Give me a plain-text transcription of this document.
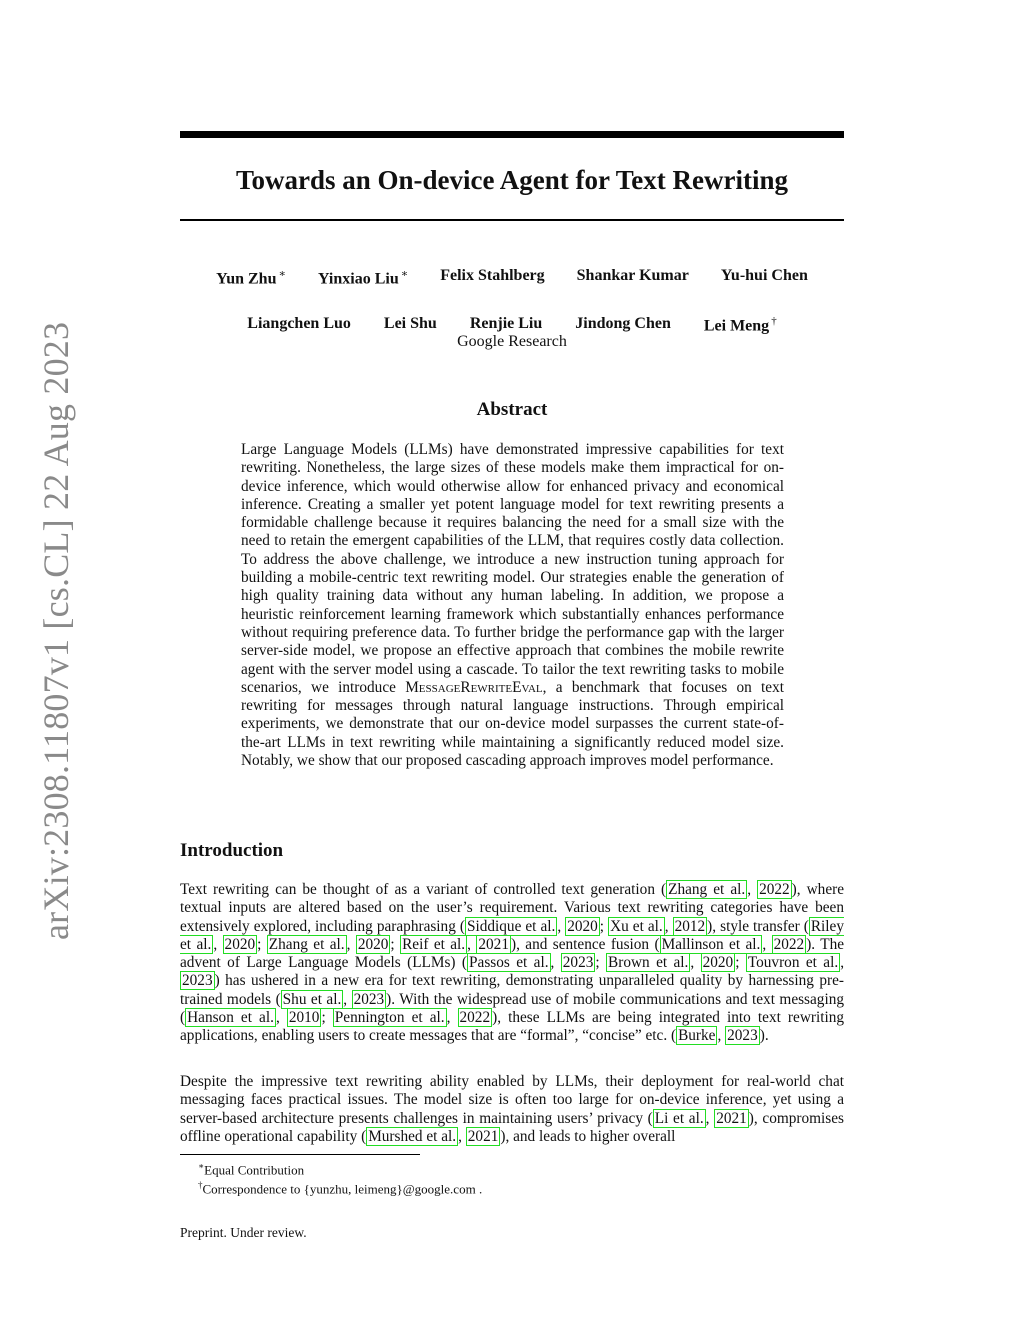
arXiv:2308.11807v1 [cs.CL] 22 Aug 2023
Towards an On-device Agent for Text Rewriting
Yun Zhu ∗ Yinxiao Liu ∗ Felix Stahlberg Shankar Kumar Yu-hui Chen
Liangchen Luo Lei Shu Renjie Liu Jindong Chen Lei Meng †
Google Research
Abstract

Large Language Models (LLMs) have demonstrated impressive capabilities for text rewriting. Nonetheless, the large sizes of these models make them impractical for on-device inference, which would otherwise allow for enhanced privacy and economical inference. Creating a smaller yet potent language model for text rewriting presents a formidable challenge because it requires balancing the need for a small size with the need to retain the emergent capabilities of the LLM, that requires costly data collection. To address the above challenge, we introduce a new instruction tuning approach for building a mobile-centric text rewriting model. Our strategies enable the generation of high quality training data without any human labeling. In addition, we propose a heuristic reinforcement learning framework which substantially enhances performance without requiring preference data. To further bridge the performance gap with the larger server-side model, we propose an effective approach that combines the mobile rewrite agent with the server model using a cascade. To tailor the text rewriting tasks to mobile scenarios, we introduce MessageRewriteEval, a benchmark that focuses on text rewriting for messages through natural language instructions. Through empirical experiments, we demonstrate that our on-device model surpasses the current state-of-the-art LLMs in text rewriting while maintaining a significantly reduced model size. Notably, we show that our proposed cascading approach improves model performance.

Introduction

Text rewriting can be thought of as a variant of controlled text generation ( Zhang et al. , 2022 ), where textual inputs are altered based on the user’s requirement. Various text rewriting categories have been extensively explored, including paraphrasing ( Siddique et al. , 2020 ; Xu et al. , 2012 ), style transfer ( Riley et al. , 2020 ; Zhang et al. , 2020 ; Reif et al. , 2021 ), and sentence fusion ( Mallinson et al. , 2022 ). The advent of Large Language Models (LLMs) ( Passos et al. , 2023 ; Brown et al. , 2020 ; Touvron et al. , 2023 ) has ushered in a new era for text rewriting, demonstrating unparalleled quality by harnessing pre-trained models ( Shu et al. , 2023 ). With the widespread use of mobile communications and text messaging ( Hanson et al. , 2010 ; Pennington et al. , 2022 ), these LLMs are being integrated into text rewriting applications, enabling users to create messages that are “formal”, “concise” etc. ( Burke , 2023 ).

Despite the impressive text rewriting ability enabled by LLMs, their deployment for real-world chat messaging faces practical issues. The model size is often too large for on-device inference, yet using a server-based architecture presents challenges in maintaining users’ privacy ( Li et al. , 2021 ), compromises offline operational capability ( Murshed et al. , 2021 ), and leads to higher overall

∗Equal Contribution

†Correspondence to {yunzhu, leimeng}@google.com .

Preprint. Under review.
